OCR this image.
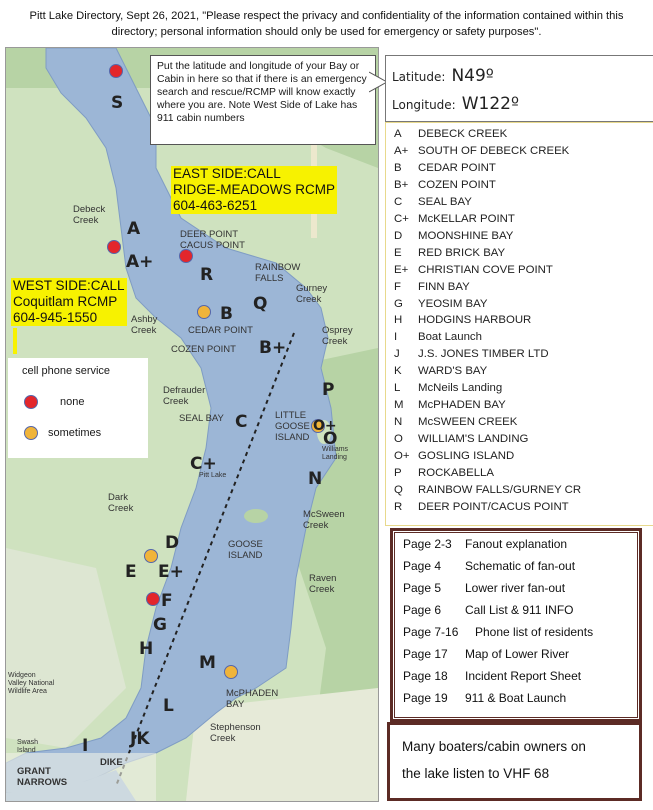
Pitt Lake Directory, Sept 26, 2021, "Please respect the privacy and confidentiality of the information contained within this
directory; personal information should only be used for emergency or safety purposes".
S
A
A+
R
B Q
B+
P
C	O+
O
C+
N
D
E E+
F
G
H
M
L
I JK
Debeck
Creek
DEER POINT
CACUS POINT
RAINBOW
FALLS
Gurney
Creek
Osprey
Creek
Ashby
Creek	CEDAR POINT
COZEN POINT
Defrauder
Creek
SEAL BAY	LITTLE
GOOSE
ISLAND
Williams
Landing
Pitt Lake
Dark
Creek
McSween
Creek
GOOSE
ISLAND
Raven
Creek
Widgeon
Valley National
Wildlife Area	McPHADEN
BAY
Stephenson
Creek
Swash
Island
GRANT
NARROWS
DIKE
EAST SIDE:CALL
RIDGE-MEADOWS RCMP
604-463-6251
WEST SIDE:CALL
Coquitlam RCMP
604-945-1550
cell phone service
none
sometimes
Put the latitude and longitude of your Bay or Cabin in here so that if there is an emergency search and rescue/RCMP will know exactly where you are. Note West Side of Lake has 911 cabin numbers
Latitude: N49º
Longitude: W122º
A DEBECK CREEK
A+ SOUTH OF DEBECK CREEK
B CEDAR POINT
B+ COZEN POINT
C SEAL BAY
C+ McKELLAR POINT
D MOONSHINE BAY
E RED BRICK BAY
E+ CHRISTIAN COVE POINT
F FINN BAY
G YEOSIM BAY
H HODGINS HARBOUR
I Boat Launch
J J.S. JONES TIMBER LTD
K WARD'S BAY
L McNeils Landing
M McPHADEN BAY
N McSWEEN CREEK
O WILLIAM'S LANDING
O+ GOSLING ISLAND
P ROCKABELLA
Q RAINBOW FALLS/GURNEY CR
R DEER POINT/CACUS POINT
Page 2-3 Fanout explanation
Page 4 Schematic of fan-out
Page 5 Lower river fan-out
Page 6 Call List & 911 INFO
Page 7-16 Phone list of residents
Page 17 Map of Lower River
Page 18 Incident Report Sheet
Page 19 911 & Boat Launch
Many boaters/cabin owners on
the lake listen to VHF 68
